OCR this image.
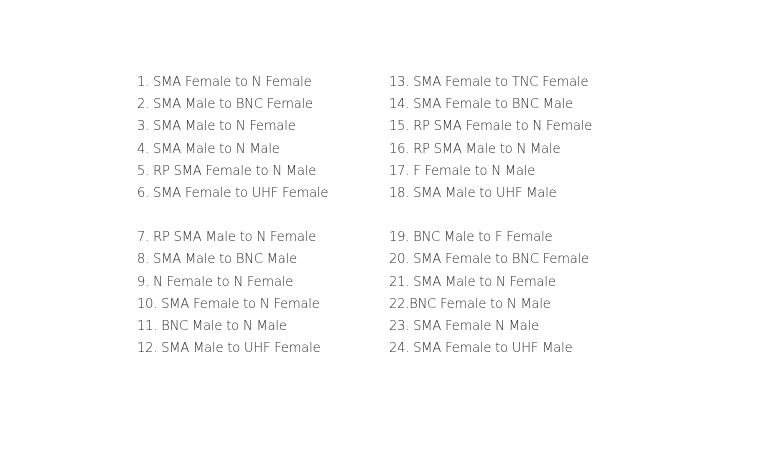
1. SMA Female to N Female
2. SMA Male to BNC Female
3. SMA Male to N Female
4. SMA Male to N Male
5. RP SMA Female to N Male
6. SMA Female to UHF Female
7. RP SMA Male to N Female
8. SMA Male to BNC Male
9. N Female to N Female
10. SMA Female to N Female
11. BNC Male to N Male
12. SMA Male to UHF Female
13. SMA Female to TNC Female
14. SMA Female to BNC Male
15. RP SMA Female to N Female
16. RP SMA Male to N Male
17. F Female to N Male
18. SMA Male to UHF Male
19. BNC Male to F Female
20. SMA Female to BNC Female
21. SMA Male to N Female
22.BNC Female to N Male
23. SMA Female N Male
24. SMA Female to UHF Male
